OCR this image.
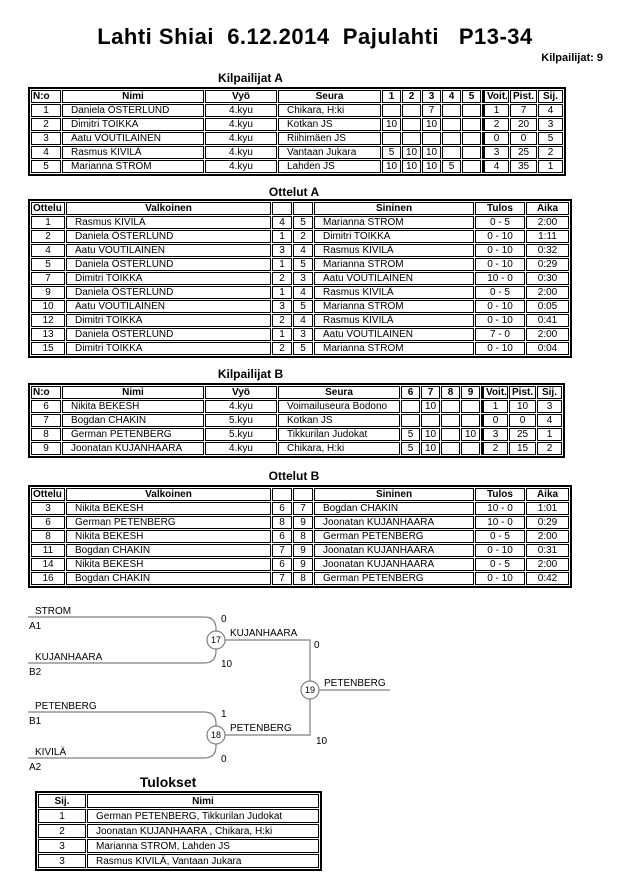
Lahti Shiai  6.12.2014  Pajulahti   P13-34
Kilpailijat: 9
Kilpailijat A
N:o	Nimi	Vyö	Seura	1	2	3	4	5	Voit.	Pist.	Sij.
1	Daniela ÖSTERLUND	4.kyu	Chikara, H:ki			7			1	7	4
2	Dimitri TOIKKA	4.kyu	Kotkan JS	10		10			2	20	3
3	Aatu VOUTILAINEN	4.kyu	Riihimäen JS						0	0	5
4	Rasmus KIVILÄ	4.kyu	Vantaan Jukara	5	10	10			3	25	2
5	Marianna STROM	4.kyu	Lahden JS	10	10	10	5		4	35	1
Ottelut A
Ottelu	Valkoinen			Sininen	Tulos	Aika
1	Rasmus KIVILÄ	4	5	Marianna STROM	0 - 5	2:00
2	Daniela ÖSTERLUND	1	2	Dimitri TOIKKA	0 - 10	1:11
4	Aatu VOUTILAINEN	3	4	Rasmus KIVILÄ	0 - 10	0:32
5	Daniela ÖSTERLUND	1	5	Marianna STROM	0 - 10	0:29
7	Dimitri TOIKKA	2	3	Aatu VOUTILAINEN	10 - 0	0:30
9	Daniela ÖSTERLUND	1	4	Rasmus KIVILÄ	0 - 5	2:00
10	Aatu VOUTILAINEN	3	5	Marianna STROM	0 - 10	0:05
12	Dimitri TOIKKA	2	4	Rasmus KIVILÄ	0 - 10	0:41
13	Daniela ÖSTERLUND	1	3	Aatu VOUTILAINEN	7 - 0	2:00
15	Dimitri TOIKKA	2	5	Marianna STROM	0 - 10	0:04
Kilpailijat B
N:o	Nimi	Vyö	Seura	6	7	8	9	Voit.	Pist.	Sij.
6	Nikita BEKESH	4.kyu	Voimailuseura Bodono		10			1	10	3
7	Bogdan CHAKIN	5.kyu	Kotkan JS					0	0	4
8	German PETENBERG	5.kyu	Tikkurilan Judokat	5	10		10	3	25	1
9	Joonatan KUJANHAARA	4.kyu	Chikara, H:ki	5	10			2	15	2
Ottelut B
Ottelu	Valkoinen			Sininen	Tulos	Aika
3	Nikita BEKESH	6	7	Bogdan CHAKIN	10 - 0	1:01
6	German PETENBERG	8	9	Joonatan KUJANHAARA	10 - 0	0:29
8	Nikita BEKESH	6	8	German PETENBERG	0 - 5	2:00
11	Bogdan CHAKIN	7	9	Joonatan KUJANHAARA	0 - 10	0:31
14	Nikita BEKESH	6	9	Joonatan KUJANHAARA	0 - 5	2:00
16	Bogdan CHAKIN	7	8	German PETENBERG	0 - 10	0:42
STROM
A1
0
KUJANHAARA
B2
10
KUJANHAARA
0
PETENBERG
B1
1
KIVILÄ
A2
0
PETENBERG
10
PETENBERG
17
18
19
Tulokset
Sij.	Nimi
1	German PETENBERG, Tikkurilan Judokat
2	Joonatan KUJANHAARA , Chikara, H:ki
3	Marianna STROM, Lahden JS
3	Rasmus KIVILÄ, Vantaan Jukara
